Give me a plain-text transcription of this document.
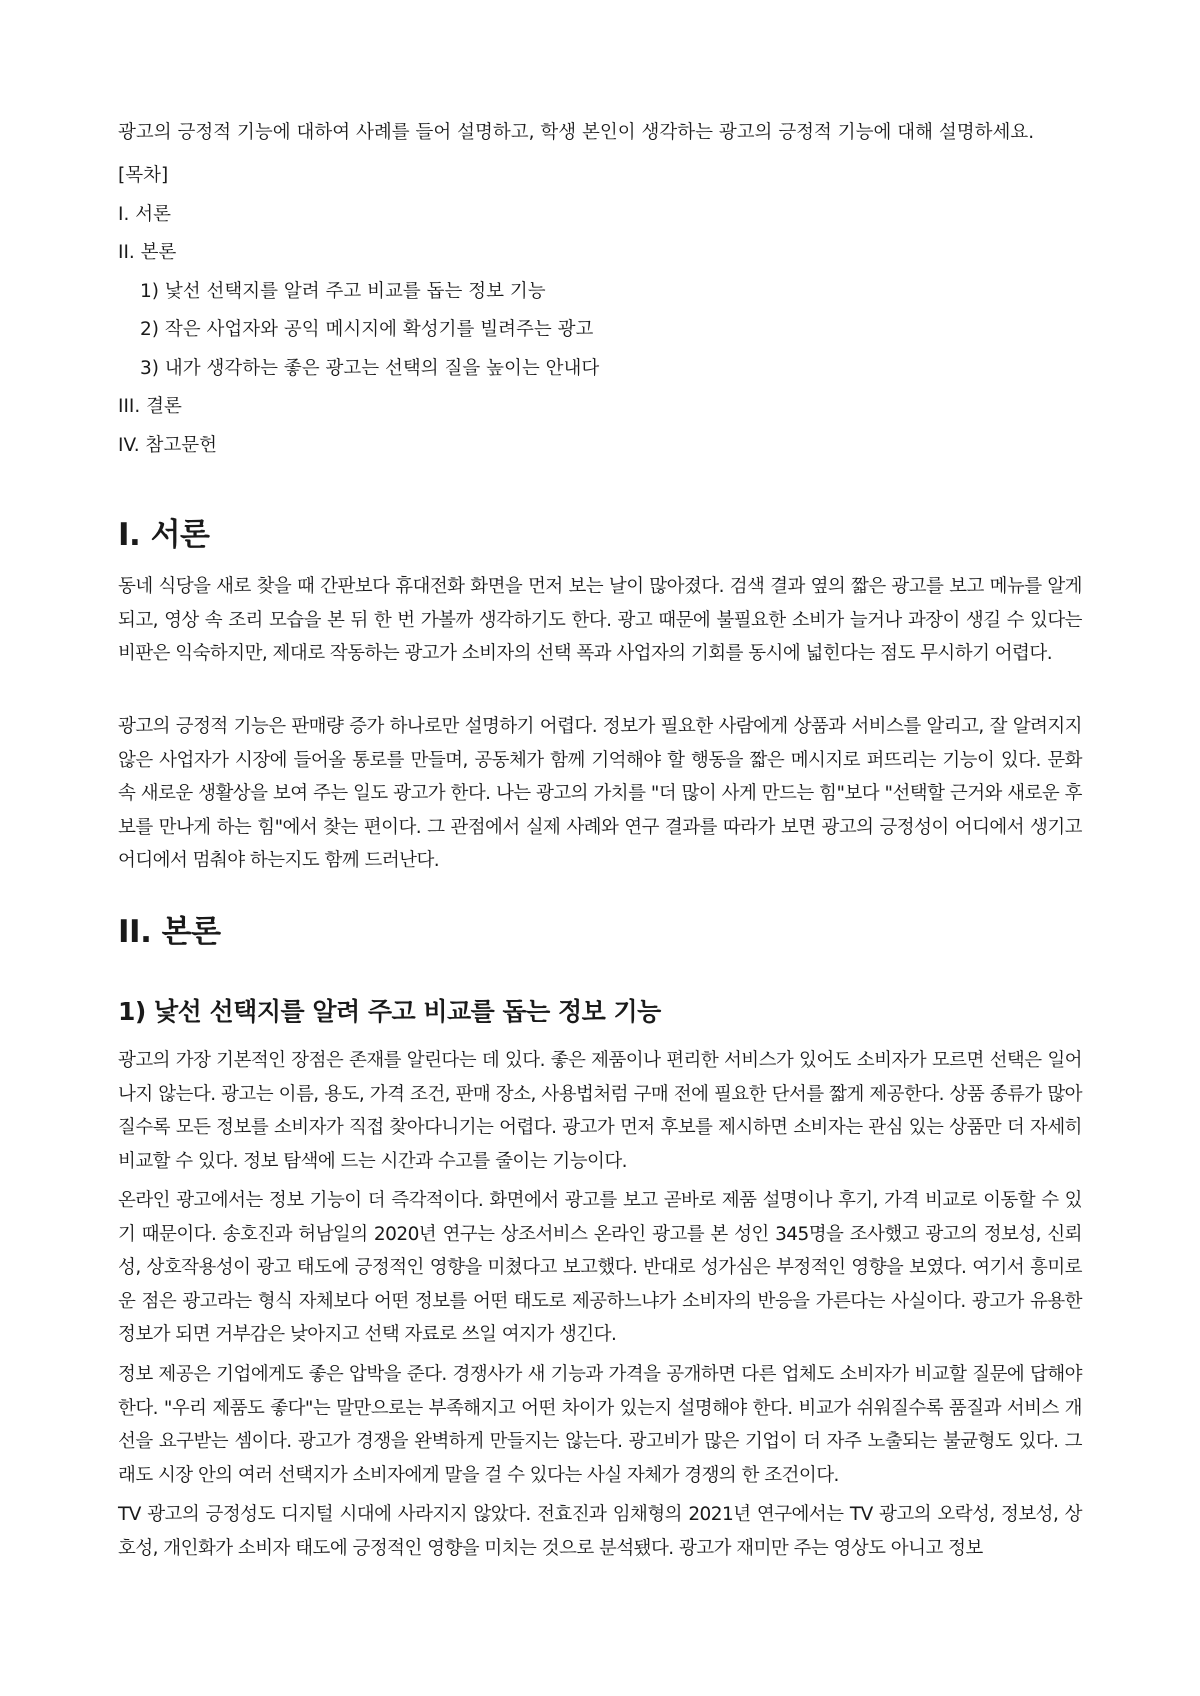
광고의 긍정적 기능에 대하여 사례를 들어 설명하고, 학생 본인이 생각하는 광고의 긍정적 기능에 대해 설명하세요.

[목차]
I. 서론
II. 본론
1) 낯선 선택지를 알려 주고 비교를 돕는 정보 기능
2) 작은 사업자와 공익 메시지에 확성기를 빌려주는 광고
3) 내가 생각하는 좋은 광고는 선택의 질을 높이는 안내다
III. 결론
IV. 참고문헌
I. 서론

동네 식당을 새로 찾을 때 간판보다 휴대전화 화면을 먼저 보는 날이 많아졌다. 검색 결과 옆의 짧은 광고를 보고 메뉴를 알게 되고, 영상 속 조리 모습을 본 뒤 한 번 가볼까 생각하기도 한다. 광고 때문에 불필요한 소비가 늘거나 과장이 생길 수 있다는 비판은 익숙하지만, 제대로 작동하는 광고가 소비자의 선택 폭과 사업자의 기회를 동시에 넓힌다는 점도 무시하기 어렵다.

광고의 긍정적 기능은 판매량 증가 하나로만 설명하기 어렵다. 정보가 필요한 사람에게 상품과 서비스를 알리고, 잘 알려지지 않은 사업자가 시장에 들어올 통로를 만들며, 공동체가 함께 기억해야 할 행동을 짧은 메시지로 퍼뜨리는 기능이 있다. 문화 속 새로운 생활상을 보여 주는 일도 광고가 한다. 나는 광고의 가치를 "더 많이 사게 만드는 힘"보다 "선택할 근거와 새로운 후보를 만나게 하는 힘"에서 찾는 편이다. 그 관점에서 실제 사례와 연구 결과를 따라가 보면 광고의 긍정성이 어디에서 생기고 어디에서 멈춰야 하는지도 함께 드러난다.

II. 본론
1) 낯선 선택지를 알려 주고 비교를 돕는 정보 기능

광고의 가장 기본적인 장점은 존재를 알린다는 데 있다. 좋은 제품이나 편리한 서비스가 있어도 소비자가 모르면 선택은 일어나지 않는다. 광고는 이름, 용도, 가격 조건, 판매 장소, 사용법처럼 구매 전에 필요한 단서를 짧게 제공한다. 상품 종류가 많아질수록 모든 정보를 소비자가 직접 찾아다니기는 어렵다. 광고가 먼저 후보를 제시하면 소비자는 관심 있는 상품만 더 자세히 비교할 수 있다. 정보 탐색에 드는 시간과 수고를 줄이는 기능이다.

온라인 광고에서는 정보 기능이 더 즉각적이다. 화면에서 광고를 보고 곧바로 제품 설명이나 후기, 가격 비교로 이동할 수 있기 때문이다. 송호진과 허남일의 2020년 연구는 상조서비스 온라인 광고를 본 성인 345명을 조사했고 광고의 정보성, 신뢰성, 상호작용성이 광고 태도에 긍정적인 영향을 미쳤다고 보고했다. 반대로 성가심은 부정적인 영향을 보였다. 여기서 흥미로운 점은 광고라는 형식 자체보다 어떤 정보를 어떤 태도로 제공하느냐가 소비자의 반응을 가른다는 사실이다. 광고가 유용한 정보가 되면 거부감은 낮아지고 선택 자료로 쓰일 여지가 생긴다.

정보 제공은 기업에게도 좋은 압박을 준다. 경쟁사가 새 기능과 가격을 공개하면 다른 업체도 소비자가 비교할 질문에 답해야 한다. "우리 제품도 좋다"는 말만으로는 부족해지고 어떤 차이가 있는지 설명해야 한다. 비교가 쉬워질수록 품질과 서비스 개선을 요구받는 셈이다. 광고가 경쟁을 완벽하게 만들지는 않는다. 광고비가 많은 기업이 더 자주 노출되는 불균형도 있다. 그래도 시장 안의 여러 선택지가 소비자에게 말을 걸 수 있다는 사실 자체가 경쟁의 한 조건이다.

TV 광고의 긍정성도 디지털 시대에 사라지지 않았다. 전효진과 임채형의 2021년 연구에서는 TV 광고의 오락성, 정보성, 상호성, 개인화가 소비자 태도에 긍정적인 영향을 미치는 것으로 분석됐다. 광고가 재미만 주는 영상도 아니고 정보
